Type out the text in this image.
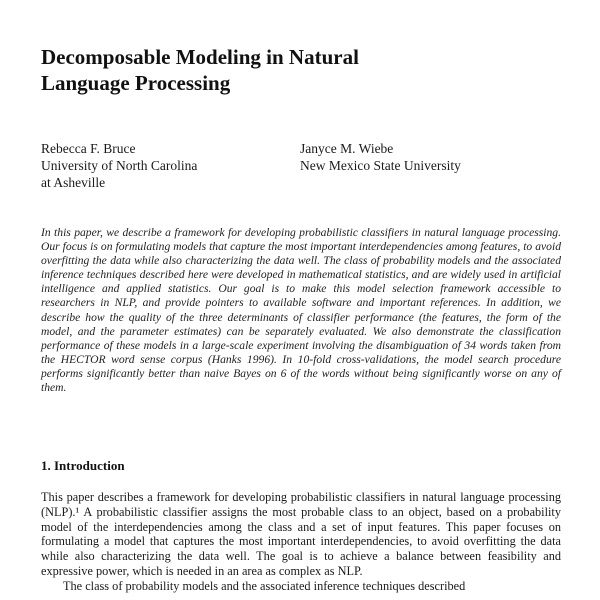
Decomposable Modeling in Natural Language Processing
Rebecca F. Bruce
University of North Carolina
at Asheville
Janyce M. Wiebe
New Mexico State University

In this paper, we describe a framework for developing probabilistic classifiers in natural language processing. Our focus is on formulating models that capture the most important interdependencies among features, to avoid overfitting the data while also characterizing the data well. The class of probability models and the associated inference techniques described here were developed in mathematical statistics, and are widely used in artificial intelligence and applied statistics. Our goal is to make this model selection framework accessible to researchers in NLP, and provide pointers to available software and important references. In addition, we describe how the quality of the three determinants of classifier performance (the features, the form of the model, and the parameter estimates) can be separately evaluated. We also demonstrate the classification performance of these models in a large-scale experiment involving the disambiguation of 34 words taken from the HECTOR word sense corpus (Hanks 1996). In 10-fold cross-validations, the model search procedure performs significantly better than naive Bayes on 6 of the words without being significantly worse on any of them.

1. Introduction

This paper describes a framework for developing probabilistic classifiers in natural language processing (NLP).¹ A probabilistic classifier assigns the most probable class to an object, based on a probability model of the interdependencies among the class and a set of input features. This paper focuses on formulating a model that captures the most important interdependencies, to avoid overfitting the data while also characterizing the data well. The goal is to achieve a balance between feasibility and expressive power, which is needed in an area as complex as NLP.

The class of probability models and the associated inference techniques described
